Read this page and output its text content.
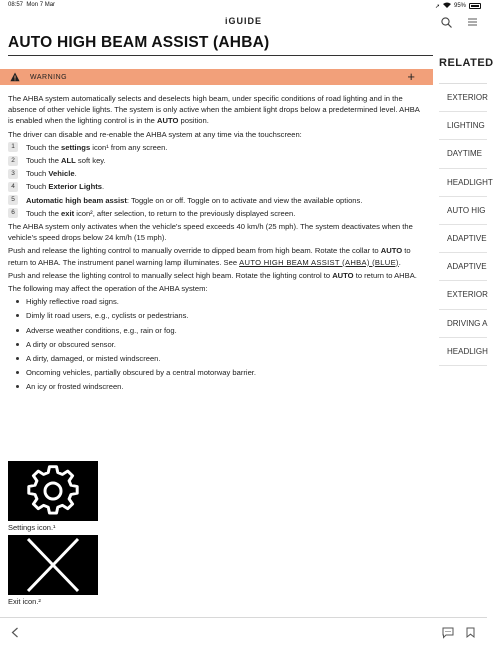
08:57 Mon 7 Mar	➚ 95%
iGUIDE
AUTO HIGH BEAM ASSIST (AHBA)
WARNING	+

The AHBA system automatically selects and deselects high beam, under specific conditions of road lighting and in the absence of other vehicle lights. The system is only active when the ambient light drops below a predetermined level. AHBA is enabled when the lighting control is in the AUTO position.

The driver can disable and re-enable the AHBA system at any time via the touchscreen:

1	Touch the settings icon¹ from any screen.
2	Touch the ALL soft key.
3	Touch Vehicle.
4	Touch Exterior Lights.
5	Automatic high beam assist: Toggle on or off. Toggle on to activate and view the available options.
6	Touch the exit icon², after selection, to return to the previously displayed screen.

The AHBA system only activates when the vehicle's speed exceeds 40 km/h (25 mph). The system deactivates when the vehicle's speed drops below 24 km/h (15 mph).

Push and release the lighting control to manually override to dipped beam from high beam. Rotate the collar to AUTO to return to AHBA. The instrument panel warning lamp illuminates. See AUTO HIGH BEAM ASSIST (AHBA) (BLUE).

Push and release the lighting control to manually select high beam. Rotate the lighting control to AUTO to return to AHBA.

The following may affect the operation of the AHBA system:

Highly reflective road signs.
Dimly lit road users, e.g., cyclists or pedestrians.
Adverse weather conditions, e.g., rain or fog.
A dirty or obscured sensor.
A dirty, damaged, or misted windscreen.
Oncoming vehicles, partially obscured by a central motorway barrier.
An icy or frosted windscreen.
Settings icon.¹
Exit icon.²
RELATED
EXTERIOR
LIGHTING
DAYTIME
HEADLIGHT
AUTO HIG
ADAPTIVE
ADAPTIVE
EXTERIOR
DRIVING A
HEADLIGH
